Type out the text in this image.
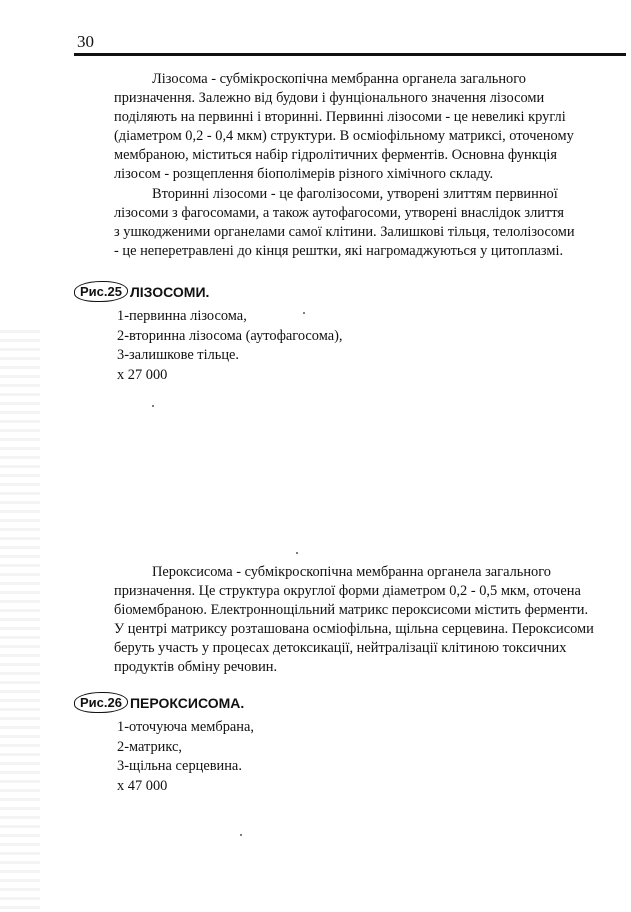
30
Лізосома - субмікроскопічна мембранна органела загального
призначення. Залежно від будови і фунціонального значення лізосоми
поділяють на первинні і вторинні. Первинні лізосоми - це невеликі круглі
(діаметром 0,2 - 0,4 мкм) структури. В осміофільному матриксі, оточеному
мембраною, міститься набір гідролітичних ферментів. Основна функція
лізосом - розщеплення біополімерів різного хімічного складу.
Вторинні лізосоми - це фаголізосоми, утворені злиттям первинної
лізосоми з фагосомами, а також аутофагосоми, утворені внаслідок злиття
з ушкодженими органелами самої клітини. Залишкові тільця, телолізосоми
- це неперетравлені до кінця рештки, які нагромаджуються у цитоплазмі.
Рис.25 ЛІЗОСОМИ.
1-первинна лізосома,
2-вторинна лізосома (аутофагосома),
3-залишкове тільце.
х 27 000
Пероксисома - субмікроскопічна мембранна органела загального
призначення. Це структура округлої форми діаметром 0,2 - 0,5 мкм, оточена
біомембраною. Електроннощільний матрикс пероксисоми містить ферменти.
У центрі матриксу розташована осміофільна, щільна серцевина. Пероксисоми
беруть участь у процесах детоксикації, нейтралізації клітиною токсичних
продуктів обміну речовин.
Рис.26 ПЕРОКСИСОМА.
1-оточуюча мембрана,
2-матрикс,
3-щільна серцевина.
х 47 000
